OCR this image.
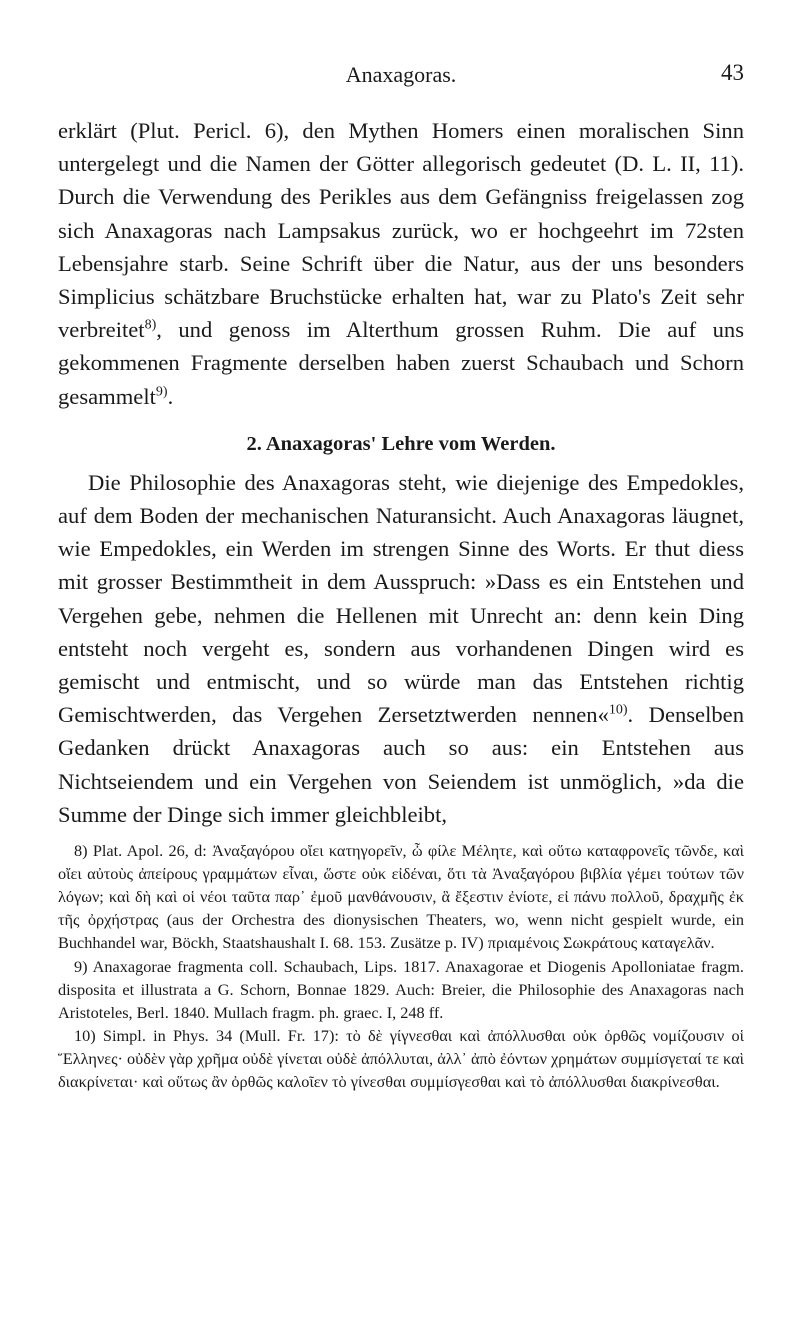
Anaxagoras.	43

erklärt (Plut. Pericl. 6), den Mythen Homers einen moralischen Sinn untergelegt und die Namen der Götter allegorisch gedeutet (D. L. II, 11). Durch die Verwendung des Perikles aus dem Gefängniss freigelassen zog sich Anaxagoras nach Lampsakus zurück, wo er hochgeehrt im 72sten Lebensjahre starb. Seine Schrift über die Natur, aus der uns besonders Simplicius schätzbare Bruchstücke erhalten hat, war zu Plato's Zeit sehr verbreitet$^{8)}$, und genoss im Alterthum grossen Ruhm. Die auf uns gekommenen Fragmente derselben haben zuerst Schaubach und Schorn gesammelt$^{9)}$.

2. Anaxagoras' Lehre vom Werden.

Die Philosophie des Anaxagoras steht, wie diejenige des Empedokles, auf dem Boden der mechanischen Naturansicht. Auch Anaxagoras läugnet, wie Empedokles, ein Werden im strengen Sinne des Worts. Er thut diess mit grosser Bestimmtheit in dem Ausspruch: »Dass es ein Entstehen und Vergehen gebe, nehmen die Hellenen mit Unrecht an: denn kein Ding entsteht noch vergeht es, sondern aus vorhandenen Dingen wird es gemischt und entmischt, und so würde man das Entstehen richtig Gemischtwerden, das Vergehen Zersetztwerden nennen«$^{10)}$. Denselben Gedanken drückt Anaxagoras auch so aus: ein Entstehen aus Nichtseiendem und ein Vergehen von Seiendem ist unmöglich, »da die Summe der Dinge sich immer gleichbleibt,

8) Plat. Apol. 26, d: Ἀναξαγόρου οἴει κατηγορεῖν, ὦ φίλε Μέλητε, καὶ οὕτω καταφρονεῖς τῶνδε, καὶ οἴει αὐτοὺς ἀπείρους γραμμάτων εἶναι, ὥστε οὐκ εἰδέναι, ὅτι τὰ Ἀναξαγόρου βιβλία γέμει τούτων τῶν λόγων; καὶ δὴ καὶ οἱ νέοι ταῦτα παρ᾽ ἐμοῦ μανθάνουσιν, ἃ ἔξεστιν ἐνίοτε, εἰ πάνυ πολλοῦ, δραχμῆς ἐκ τῆς ὀρχήστρας (aus der Orchestra des dionysischen Theaters, wo, wenn nicht gespielt wurde, ein Buchhandel war, Böckh, Staatshaushalt I. 68. 153. Zusätze p. IV) πριαμένοις Σωκράτους καταγελᾶν.

9) Anaxagorae fragmenta coll. Schaubach, Lips. 1817. Anaxagorae et Diogenis Apolloniatae fragm. disposita et illustrata a G. Schorn, Bonnae 1829. Auch: Breier, die Philosophie des Anaxagoras nach Aristoteles, Berl. 1840. Mullach fragm. ph. graec. I, 248 ff.

10) Simpl. in Phys. 34 (Mull. Fr. 17): τὸ δὲ γίγνεσθαι καὶ ἀπόλλυσθαι οὐκ ὀρθῶς νομίζουσιν οἱ Ἕλληνες· οὐδὲν γὰρ χρῆμα οὐδὲ γίνεται οὐδὲ ἀπόλλυται, ἀλλ᾽ ἀπὸ ἐόντων χρημάτων συμμίσγεταί τε καὶ διακρίνεται· καὶ οὕτως ἂν ὀρθῶς καλοῖεν τὸ γίνεσθαι συμμίσγεσθαι καὶ τὸ ἀπόλλυσθαι διακρίνεσθαι.
